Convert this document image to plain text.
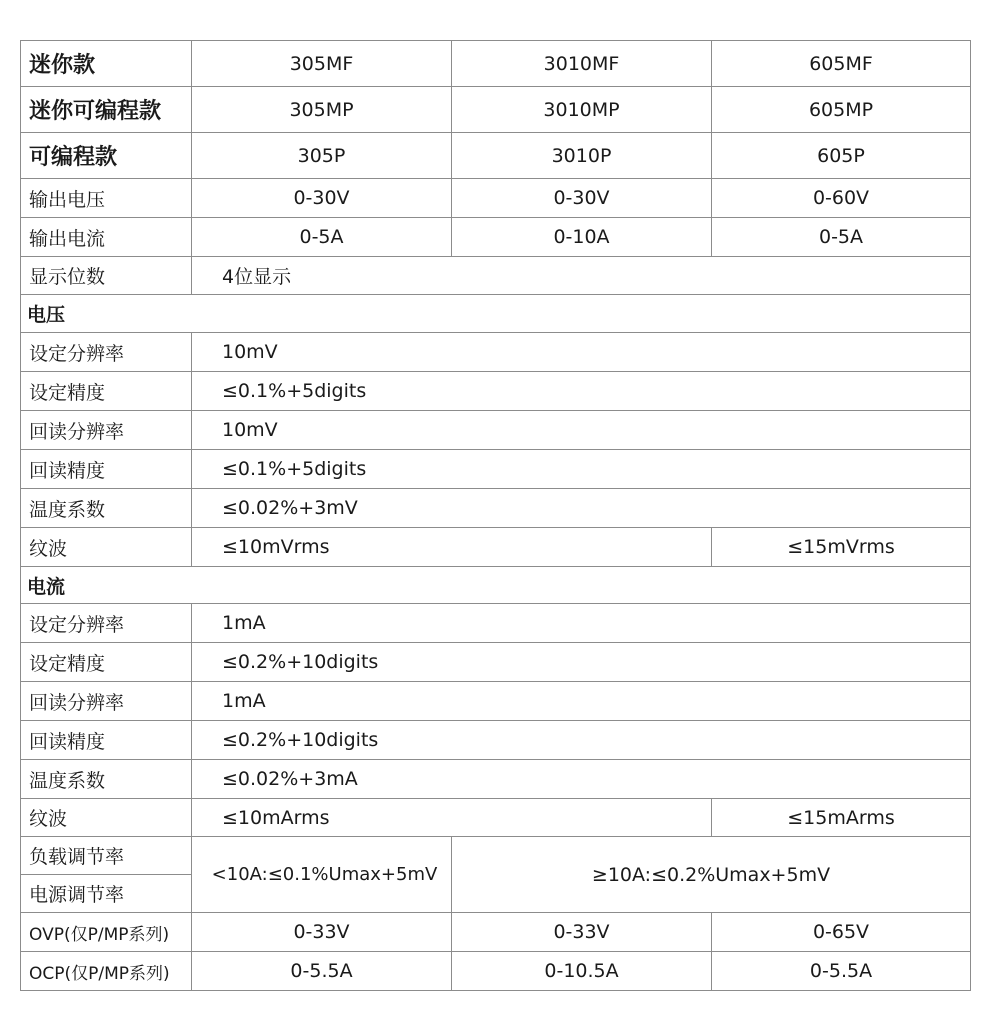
迷你款	305MF	3010MF	605MF
迷你可编程款	305MP	3010MP	605MP
可编程款	305P	3010P	605P
输出电压	0-30V	0-30V	0-60V
输出电流	0-5A	0-10A	0-5A
显示位数	4位显示		
电压			
设定分辨率	10mV		
设定精度	≤0.1%+5digits		
回读分辨率	10mV		
回读精度	≤0.1%+5digits		
温度系数	≤0.02%+3mV		
纹波	≤10mVrms		≤15mVrms
电流			
设定分辨率	1mA		
设定精度	≤0.2%+10digits		
回读分辨率	1mA		
回读精度	≤0.2%+10digits		
温度系数	≤0.02%+3mA		
纹波	≤10mArms		≤15mArms
负载调节率	<10A:≤0.1%Umax+5mV	≥10A:≤0.2%Umax+5mV	
电源调节率			
OVP(仅P/MP系列)	0-33V	0-33V	0-65V
OCP(仅P/MP系列)	0-5.5A	0-10.5A	0-5.5A
